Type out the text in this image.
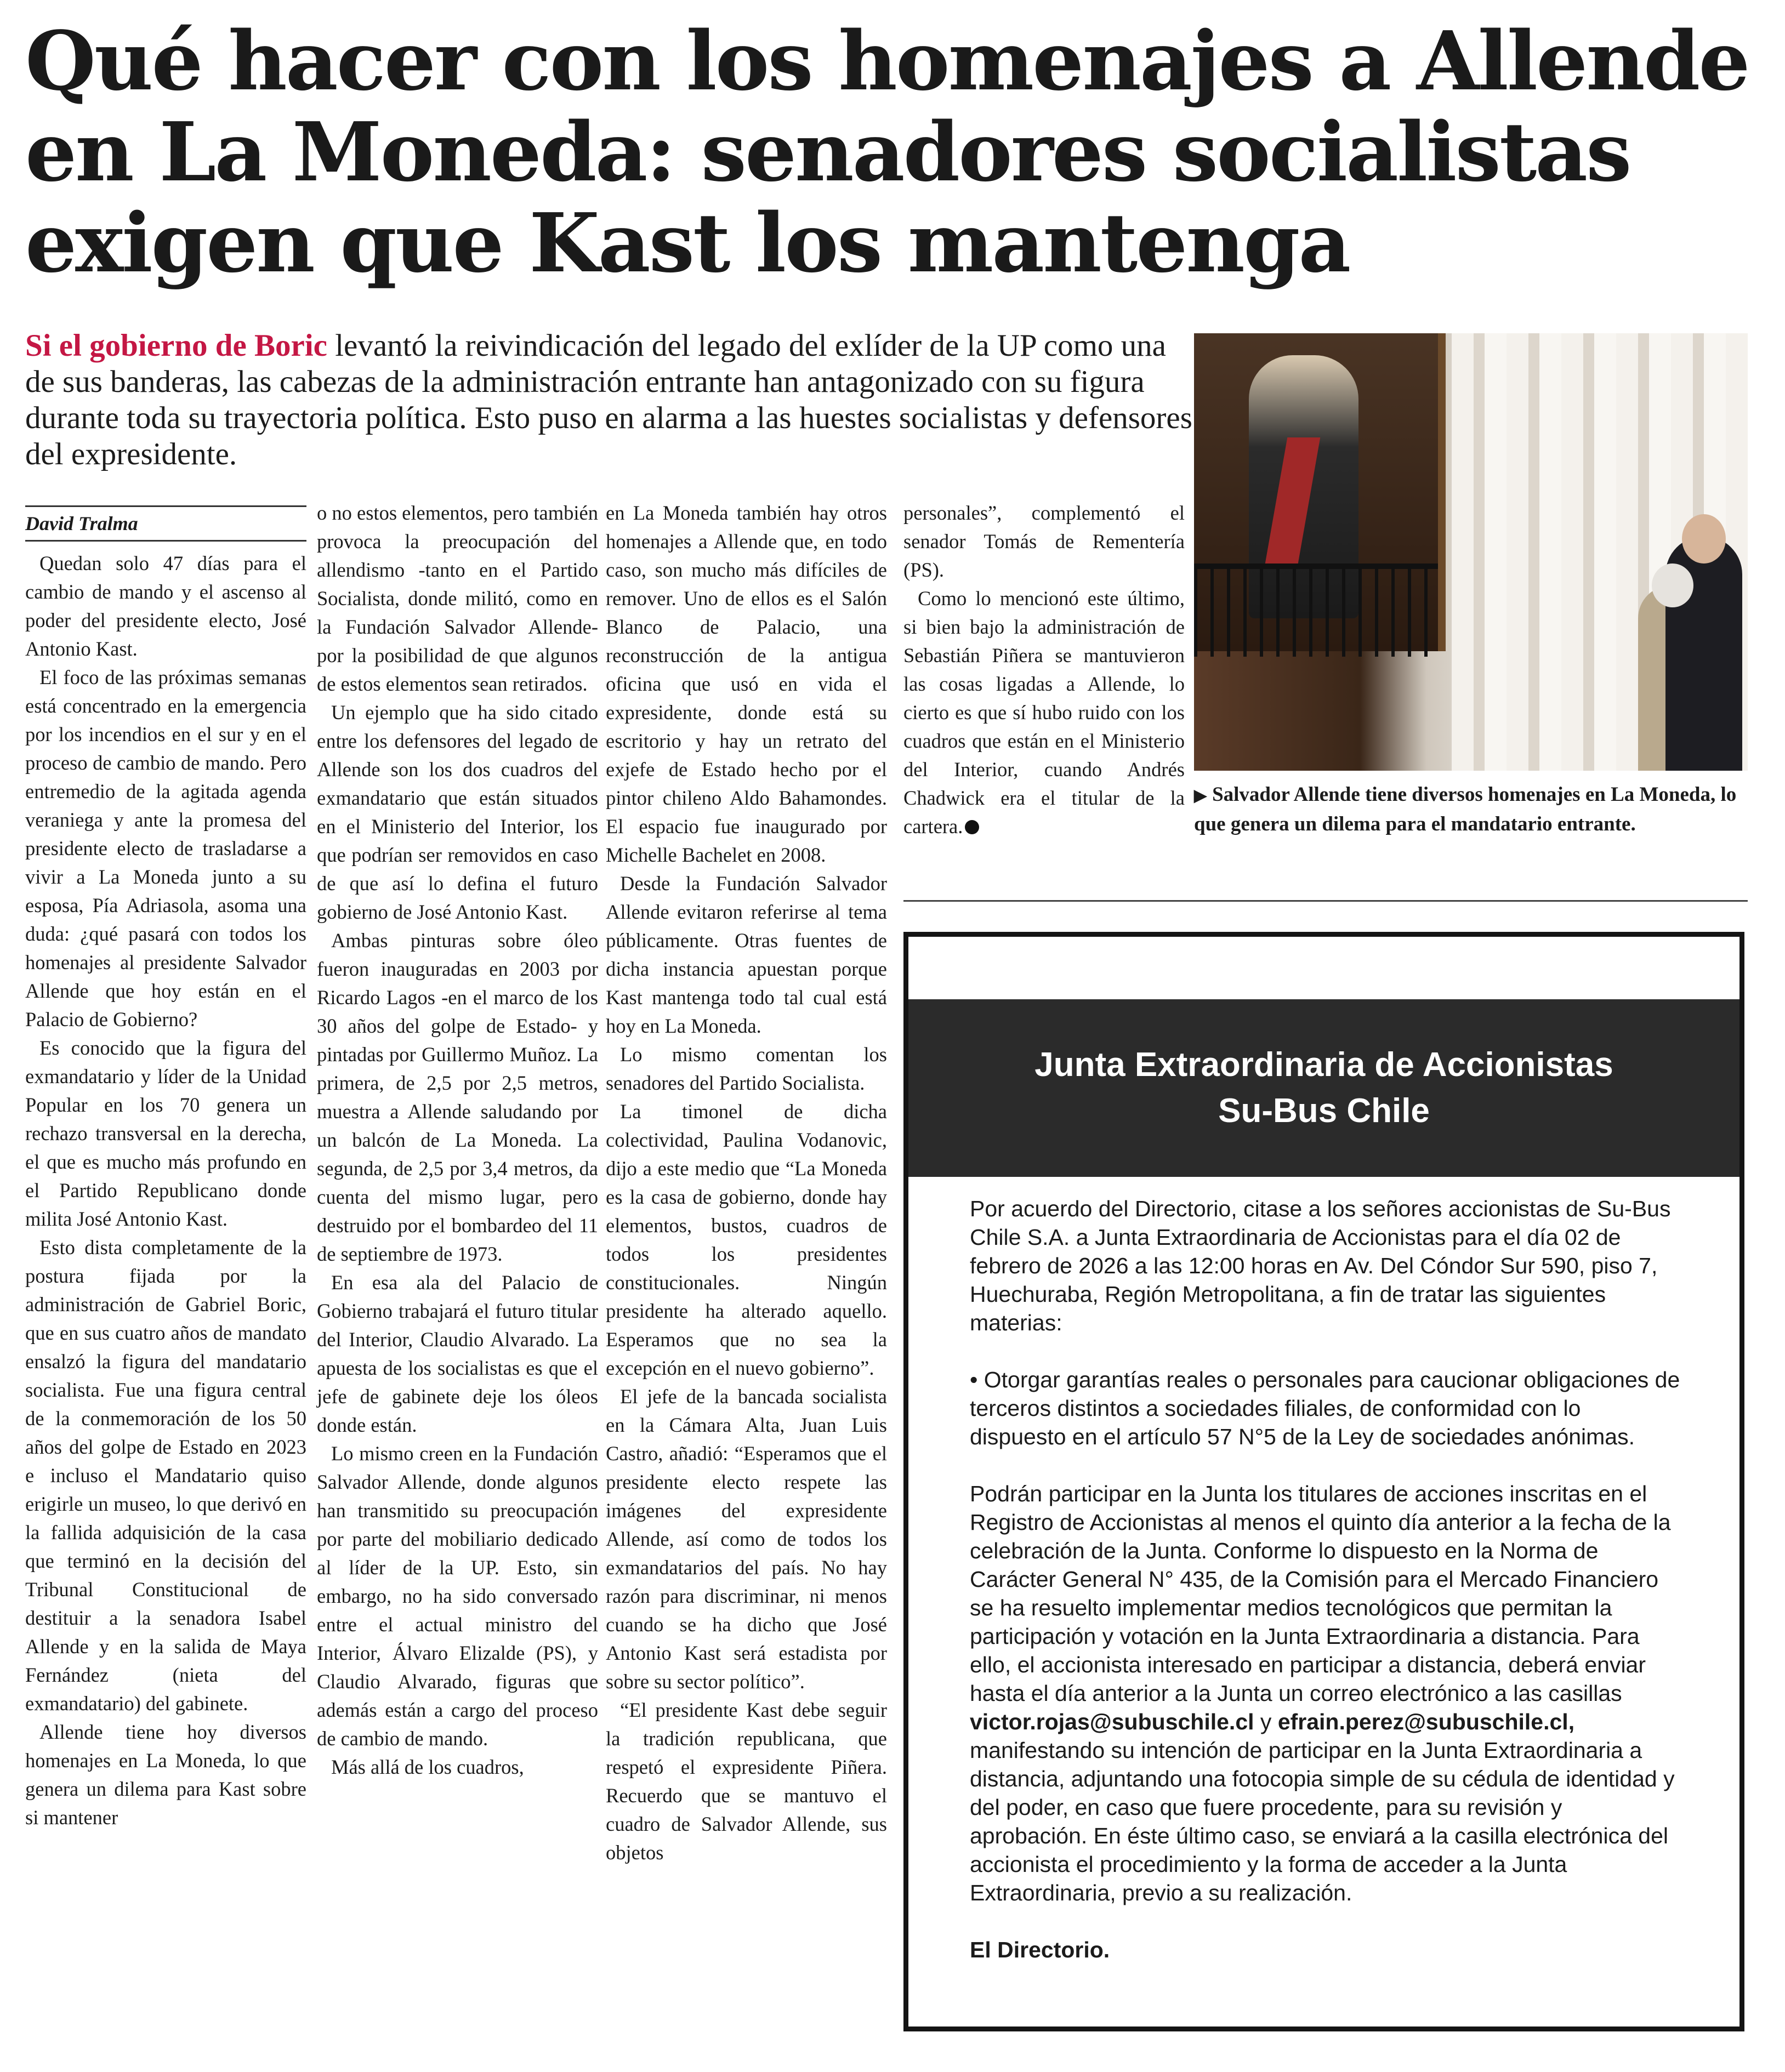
Qué hacer con los homenajes a Allende en La Moneda: senadores socialistas exigen que Kast los mantenga

Si el gobierno de Boric levantó la reivindicación del legado del exlíder de la UP como una de sus banderas, las cabezas de la administración entrante han antagonizado con su figura durante toda su trayectoria política. Esto puso en alarma a las huestes socialistas y defensores del expresidente.

David Tralma

Quedan solo 47 días para el cambio de mando y el ascenso al poder del presidente electo, José Antonio Kast.

El foco de las próximas semanas está concentrado en la emergencia por los incendios en el sur y en el proceso de cambio de mando. Pero entremedio de la agitada agenda veraniega y ante la promesa del presidente electo de trasladarse a vivir a La Moneda junto a su esposa, Pía Adriasola, asoma una duda: ¿qué pasará con todos los homenajes al presidente Salvador Allende que hoy están en el Palacio de Gobierno?

Es conocido que la figura del exmandatario y líder de la Unidad Popular en los 70 genera un rechazo transversal en la derecha, el que es mucho más profundo en el Partido Republicano donde milita José Antonio Kast.

Esto dista completamente de la postura fijada por la administración de Gabriel Boric, que en sus cuatro años de mandato ensalzó la figura del mandatario socialista. Fue una figura central de la conmemoración de los 50 años del golpe de Estado en 2023 e incluso el Mandatario quiso erigirle un museo, lo que derivó en la fallida adquisición de la casa que terminó en la decisión del Tribunal Constitucional de destituir a la senadora Isabel Allende y en la salida de Maya Fernández (nieta del exmandatario) del gabinete.

Allende tiene hoy diversos homenajes en La Moneda, lo que genera un dilema para Kast sobre si mantener

o no estos elementos, pero también provoca la preocupación del allendismo -tanto en el Partido Socialista, donde militó, como en la Fundación Salvador Allende- por la posibilidad de que algunos de estos elementos sean retirados.

Un ejemplo que ha sido citado entre los defensores del legado de Allende son los dos cuadros del exmandatario que están situados en el Ministerio del Interior, los que podrían ser removidos en caso de que así lo defina el futuro gobierno de José Antonio Kast.

Ambas pinturas sobre óleo fueron inauguradas en 2003 por Ricardo Lagos -en el marco de los 30 años del golpe de Estado- y pintadas por Guillermo Muñoz. La primera, de 2,5 por 2,5 metros, muestra a Allende saludando por un balcón de La Moneda. La segunda, de 2,5 por 3,4 metros, da cuenta del mismo lugar, pero destruido por el bombardeo del 11 de septiembre de 1973.

En esa ala del Palacio de Gobierno trabajará el futuro titular del Interior, Claudio Alvarado. La apuesta de los socialistas es que el jefe de gabinete deje los óleos donde están.

Lo mismo creen en la Fundación Salvador Allende, donde algunos han transmitido su preocupación por parte del mobiliario dedicado al líder de la UP. Esto, sin embargo, no ha sido conversado entre el actual ministro del Interior, Álvaro Elizalde (PS), y Claudio Alvarado, figuras que además están a cargo del proceso de cambio de mando.

Más allá de los cuadros,

en La Moneda también hay otros homenajes a Allende que, en todo caso, son mucho más difíciles de remover. Uno de ellos es el Salón Blanco de Palacio, una reconstrucción de la antigua oficina que usó en vida el expresidente, donde está su escritorio y hay un retrato del exjefe de Estado hecho por el pintor chileno Aldo Bahamondes. El espacio fue inaugurado por Michelle Bachelet en 2008.

Desde la Fundación Salvador Allende evitaron referirse al tema públicamente. Otras fuentes de dicha instancia apuestan porque Kast mantenga todo tal cual está hoy en La Moneda.

Lo mismo comentan los senadores del Partido Socialista.

La timonel de dicha colectividad, Paulina Vodanovic, dijo a este medio que “La Moneda es la casa de gobierno, donde hay elementos, bustos, cuadros de todos los presidentes constitucionales. Ningún presidente ha alterado aquello. Esperamos que no sea la excepción en el nuevo gobierno”.

El jefe de la bancada socialista en la Cámara Alta, Juan Luis Castro, añadió: “Esperamos que el presidente electo respete las imágenes del expresidente Allende, así como de todos los exmandatarios del país. No hay razón para discriminar, ni menos cuando se ha dicho que José Antonio Kast será estadista por sobre su sector político”.

“El presidente Kast debe seguir la tradición republicana, que respetó el expresidente Piñera. Recuerdo que se mantuvo el cuadro de Salvador Allende, sus objetos

personales”, complementó el senador Tomás de Rementería (PS).

Como lo mencionó este último, si bien bajo la administración de Sebastián Piñera se mantuvieron las cosas ligadas a Allende, lo cierto es que sí hubo ruido con los cuadros que están en el Ministerio del Interior, cuando Andrés Chadwick era el titular de la cartera.

▶ Salvador Allende tiene diversos homenajes en La Moneda, lo que genera un dilema para el mandatario entrante.

Junta Extraordinaria de Accionistas
Su-Bus Chile

Por acuerdo del Directorio, citase a los señores accionistas de Su-Bus Chile S.A. a Junta Extraordinaria de Accionistas para el día 02 de febrero de 2026 a las 12:00 horas en Av. Del Cóndor Sur 590, piso 7, Huechuraba, Región Metropolitana, a fin de tratar las siguientes materias:

• Otorgar garantías reales o personales para caucionar obligaciones de terceros distintos a sociedades filiales, de conformidad con lo dispuesto en el artículo 57 N°5 de la Ley de sociedades anónimas.

Podrán participar en la Junta los titulares de acciones inscritas en el Registro de Accionistas al menos el quinto día anterior a la fecha de la celebración de la Junta. Conforme lo dispuesto en la Norma de Carácter General N° 435, de la Comisión para el Mercado Financiero se ha resuelto implementar medios tecnológicos que permitan la participación y votación en la Junta Extraordinaria a distancia. Para ello, el accionista interesado en participar a distancia, deberá enviar hasta el día anterior a la Junta un correo electrónico a las casillas victor.rojas@subuschile.cl y efrain.perez@subuschile.cl, manifestando su intención de participar en la Junta Extraordinaria a distancia, adjuntando una fotocopia simple de su cédula de identidad y del poder, en caso que fuere procedente, para su revisión y aprobación. En éste último caso, se enviará a la casilla electrónica del accionista el procedimiento y la forma de acceder a la Junta Extraordinaria, previo a su realización.

El Directorio.
